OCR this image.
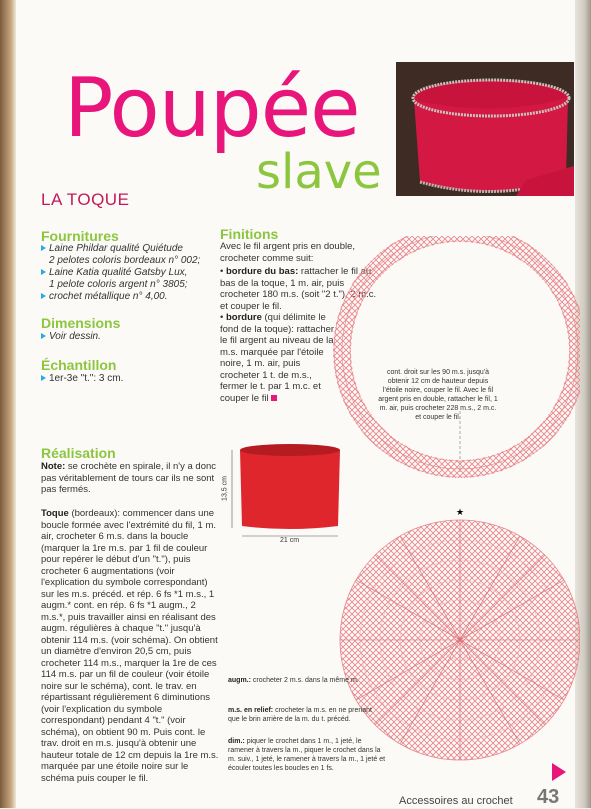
Poupée
slave
LA TOQUE
Fournitures
Laine Phildar qualité Quiétude
2 pelotes coloris bordeaux n° 002;
Laine Katia qualité Gatsby Lux,
1 pelote coloris argent n° 3805;
crochet métallique n° 4,00.
Dimensions
Voir dessin.
Échantillon
1er-3e "t.": 3 cm.
Réalisation
Note: se crochète en spirale, il n'y a donc pas véritablement de tours car ils ne sont pas fermés.
Toque (bordeaux): commencer dans une boucle formée avec l'extrémité du fil, 1 m. air, crocheter 6 m.s. dans la boucle (marquer la 1re m.s. par 1 fil de couleur pour repérer le début d'un "t."), puis crocheter 6 augmentations (voir l'explication du symbole correspondant) sur les m.s. précéd. et rép. 6 fs *1 m.s., 1 augm.* cont. en rép. 6 fs *1 augm., 2 m.s.*, puis travailler ainsi en réalisant des augm. régulières à chaque "t." jusqu'à obtenir 114 m.s. (voir schéma). On obtient un diamètre d'environ 20,5 cm, puis crocheter 114 m.s., marquer la 1re de ces 114 m.s. par un fil de couleur (voir étoile noire sur le schéma), cont. le trav. en répartissant régulièrement 6 diminutions (voir l'explication du symbole correspondant) pendant 4 "t." (voir schéma), on obtient 90 m. Puis cont. le trav. droit en m.s. jusqu'à obtenir une hauteur totale de 12 cm depuis la 1re m.s. marquée par une étoile noire sur le schéma puis couper le fil.
Finitions
Avec le fil argent pris en double, crocheter comme suit:
• bordure du bas: rattacher le fil au bas de la toque, 1 m. air, puis crocheter 180 m.s. (soit "2 t."), 2 m.c. et couper le fil.
• bordure (qui délimite le fond de la toque): rattacher le fil argent au niveau de la m.s. marquée par l'étoile noire, 1 m. air, puis crocheter 1 t. de m.s., fermer le t. par 1 m.c. et couper le fil
★
cont. droit sur les 90 m.s. jusqu'à obtenir 12 cm de hauteur depuis l'étoile noire, couper le fil. Avec le fil argent pris en double, rattacher le fil, 1 m. air, puis crocheter 228 m.s., 2 m.c. et couper le fil.
13,5 cm
21 cm
augm.: crocheter 2 m.s. dans la même m.
m.s. en relief: crocheter la m.s. en ne prenant que le brin arrière de la m. du t. précéd.
dim.: piquer le crochet dans 1 m., 1 jeté, le ramener à travers la m., piquer le crochet dans la m. suiv., 1 jeté, le ramener à travers la m., 1 jeté et écouler toutes les boucles en 1 fs.
Accessoires au crochet 43
